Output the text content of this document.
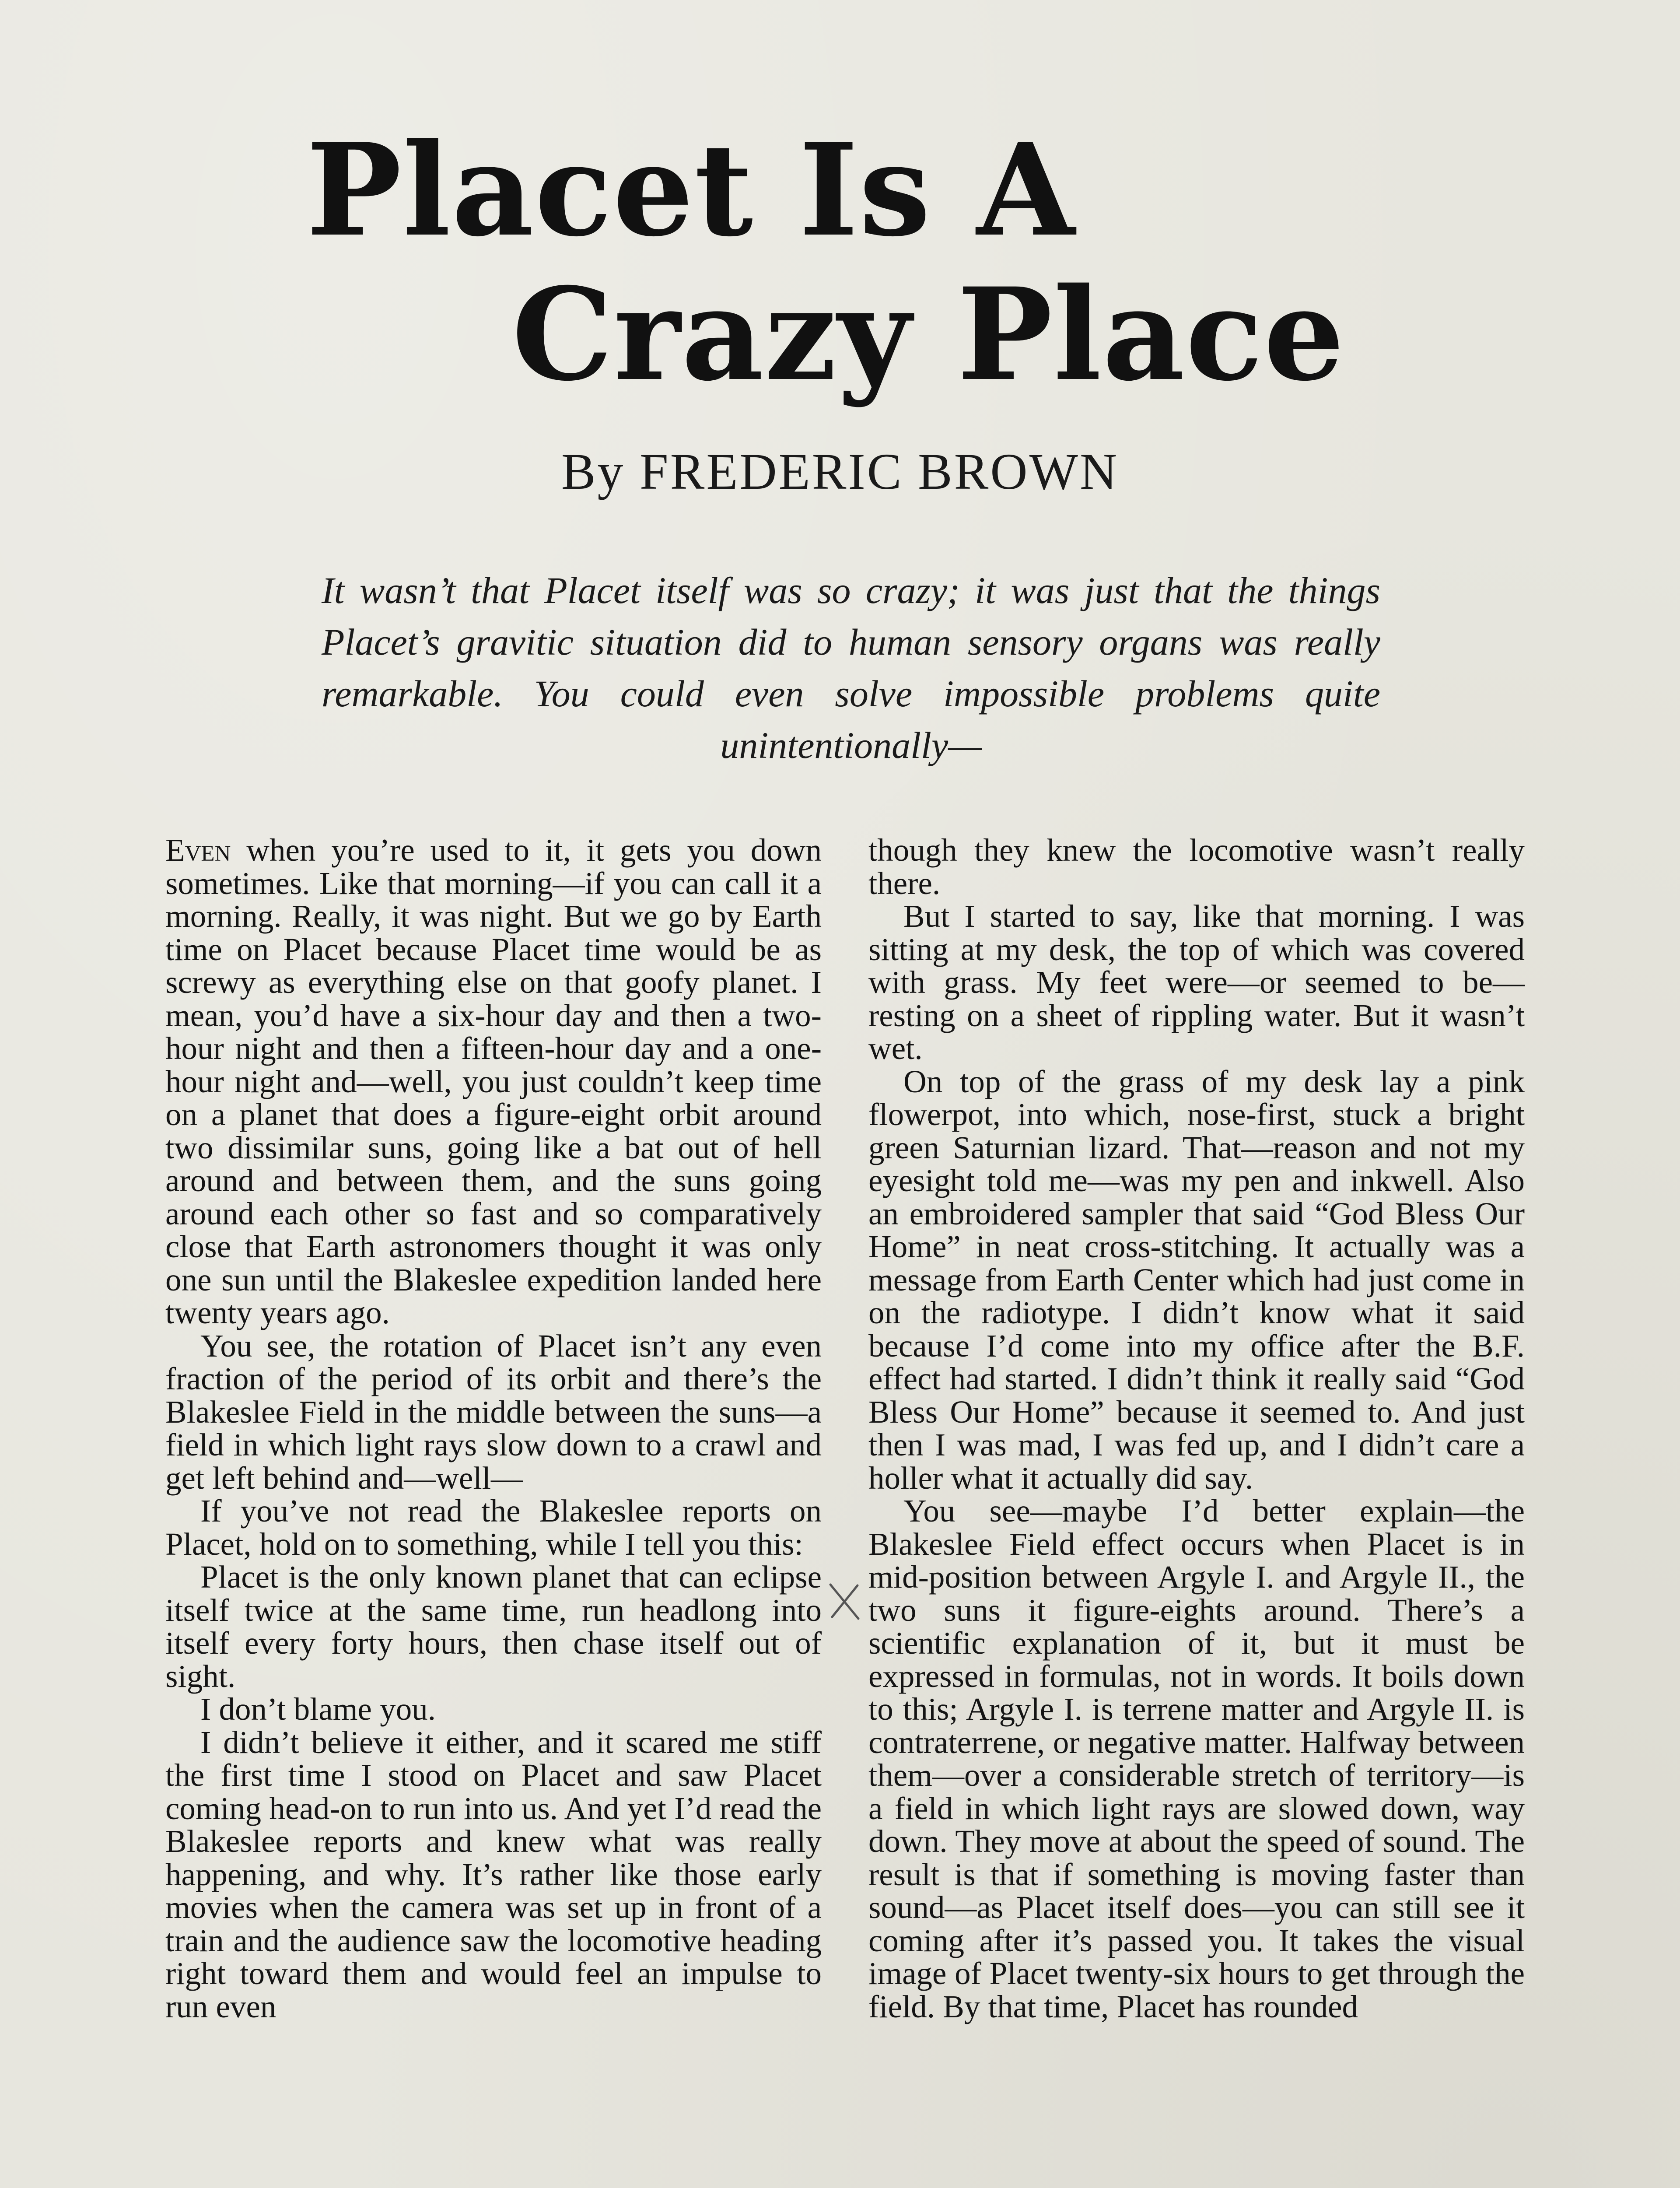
Placet Is A
Crazy Place
By FREDERIC BROWN

It wasn’t that Placet itself was so crazy; it was just that the things Placet’s gravitic situation did to human sensory organs was really remarkable. You could even solve impossible problems quite unintentionally—

Even when you’re used to it, it gets you down sometimes. Like that morning—if you can call it a morning. Really, it was night. But we go by Earth time on Placet because Placet time would be as screwy as everything else on that goofy planet. I mean, you’d have a six-hour day and then a two-hour night and then a fifteen-hour day and a one-hour night and—well, you just couldn’t keep time on a planet that does a figure-eight orbit around two dissimilar suns, going like a bat out of hell around and between them, and the suns going around each other so fast and so comparatively close that Earth astronomers thought it was only one sun until the Blakeslee expedition landed here twenty years ago.

You see, the rotation of Placet isn’t any even fraction of the period of its orbit and there’s the Blakeslee Field in the middle between the suns—a field in which light rays slow down to a crawl and get left behind and—well—

If you’ve not read the Blakeslee reports on Placet, hold on to something, while I tell you this:

Placet is the only known planet that can eclipse itself twice at the same time, run headlong into itself every forty hours, then chase itself out of sight.

I don’t blame you.

I didn’t believe it either, and it scared me stiff the first time I stood on Placet and saw Placet coming head-on to run into us. And yet I’d read the Blakeslee reports and knew what was really happening, and why. It’s rather like those early movies when the camera was set up in front of a train and the audience saw the locomotive heading right toward them and would feel an impulse to run even

though they knew the locomotive wasn’t really there.

But I started to say, like that morning. I was sitting at my desk, the top of which was covered with grass. My feet were—or seemed to be—resting on a sheet of rippling water. But it wasn’t wet.

On top of the grass of my desk lay a pink flowerpot, into which, nose-first, stuck a bright green Saturnian lizard. That—reason and not my eyesight told me—was my pen and inkwell. Also an embroidered sampler that said “God Bless Our Home” in neat cross-stitching. It actually was a message from Earth Center which had just come in on the radiotype. I didn’t know what it said because I’d come into my office after the B.F. effect had started. I didn’t think it really said “God Bless Our Home” because it seemed to. And just then I was mad, I was fed up, and I didn’t care a holler what it actually did say.

You see—maybe I’d better explain—the Blakeslee Field effect occurs when Placet is in mid-position between Argyle I. and Argyle II., the two suns it figure-eights around. There’s a scientific explanation of it, but it must be expressed in formulas, not in words. It boils down to this; Argyle I. is terrene matter and Argyle II. is contraterrene, or negative matter. Halfway between them—over a considerable stretch of territory—is a field in which light rays are slowed down, way down. They move at about the speed of sound. The result is that if something is moving faster than sound—as Placet itself does—you can still see it coming after it’s passed you. It takes the visual image of Placet twenty-six hours to get through the field. By that time, Placet has rounded
